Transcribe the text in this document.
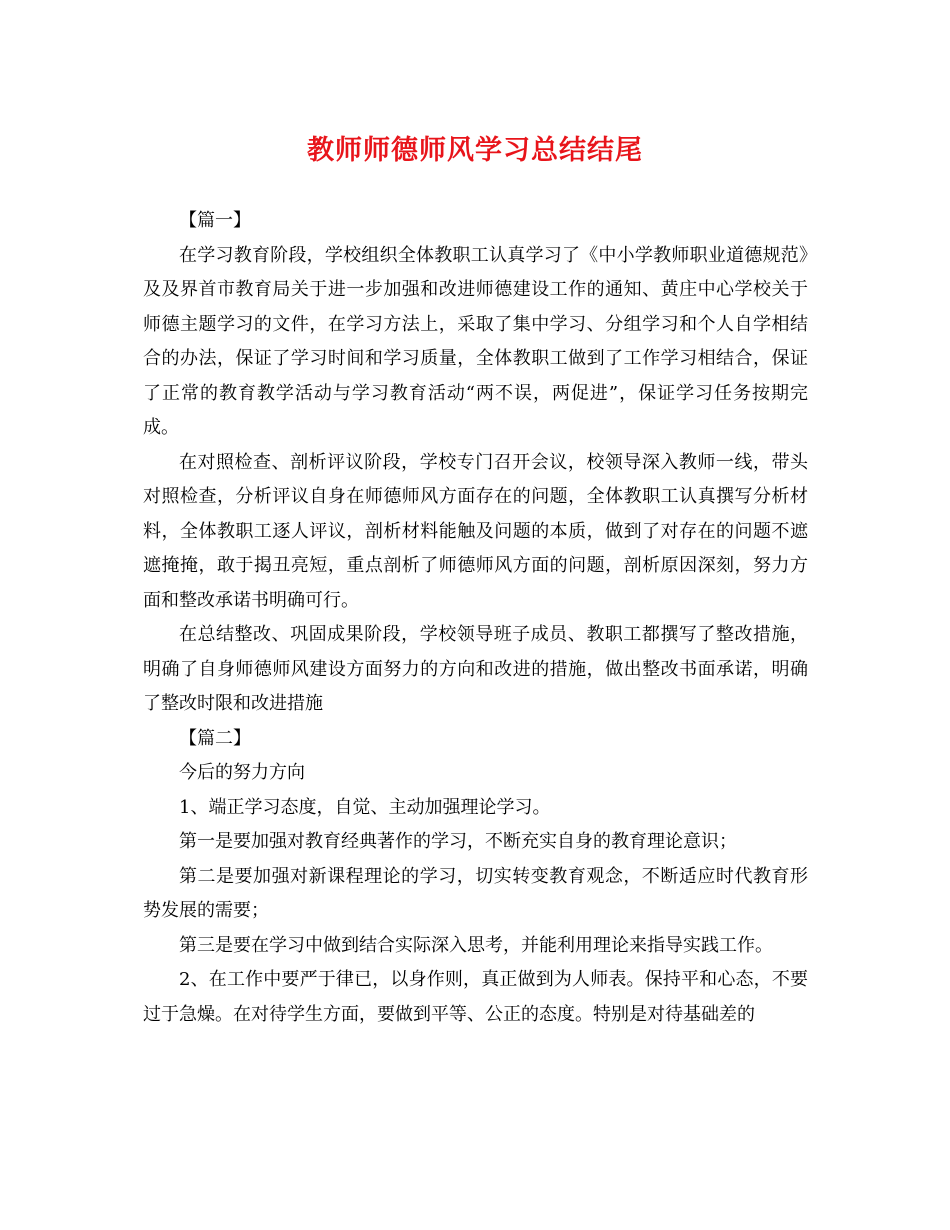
教师师德师风学习总结结尾

【篇一】

在学习教育阶段，学校组织全体教职工认真学习了《中小学教师职业道德规范》及及界首市教育局关于进一步加强和改进师德建设工作的通知、黄庄中心学校关于师德主题学习的文件，在学习方法上，采取了集中学习、分组学习和个人自学相结合的办法，保证了学习时间和学习质量，全体教职工做到了工作学习相结合，保证了正常的教育教学活动与学习教育活动“两不误，两促进”，保证学习任务按期完成。

在对照检查、剖析评议阶段，学校专门召开会议，校领导深入教师一线，带头对照检查，分析评议自身在师德师风方面存在的问题，全体教职工认真撰写分析材料，全体教职工逐人评议，剖析材料能触及问题的本质，做到了对存在的问题不遮遮掩掩，敢于揭丑亮短，重点剖析了师德师风方面的问题，剖析原因深刻，努力方面和整改承诺书明确可行。

在总结整改、巩固成果阶段，学校领导班子成员、教职工都撰写了整改措施，明确了自身师德师风建设方面努力的方向和改进的措施，做出整改书面承诺，明确了整改时限和改进措施

【篇二】

今后的努力方向

1、端正学习态度，自觉、主动加强理论学习。

第一是要加强对教育经典著作的学习，不断充实自身的教育理论意识；

第二是要加强对新课程理论的学习，切实转变教育观念，不断适应时代教育形势发展的需要；

第三是要在学习中做到结合实际深入思考，并能利用理论来指导实践工作。

2、在工作中要严于律已，以身作则，真正做到为人师表。保持平和心态，不要过于急燥。在对待学生方面，要做到平等、公正的态度。特别是对待基础差的
